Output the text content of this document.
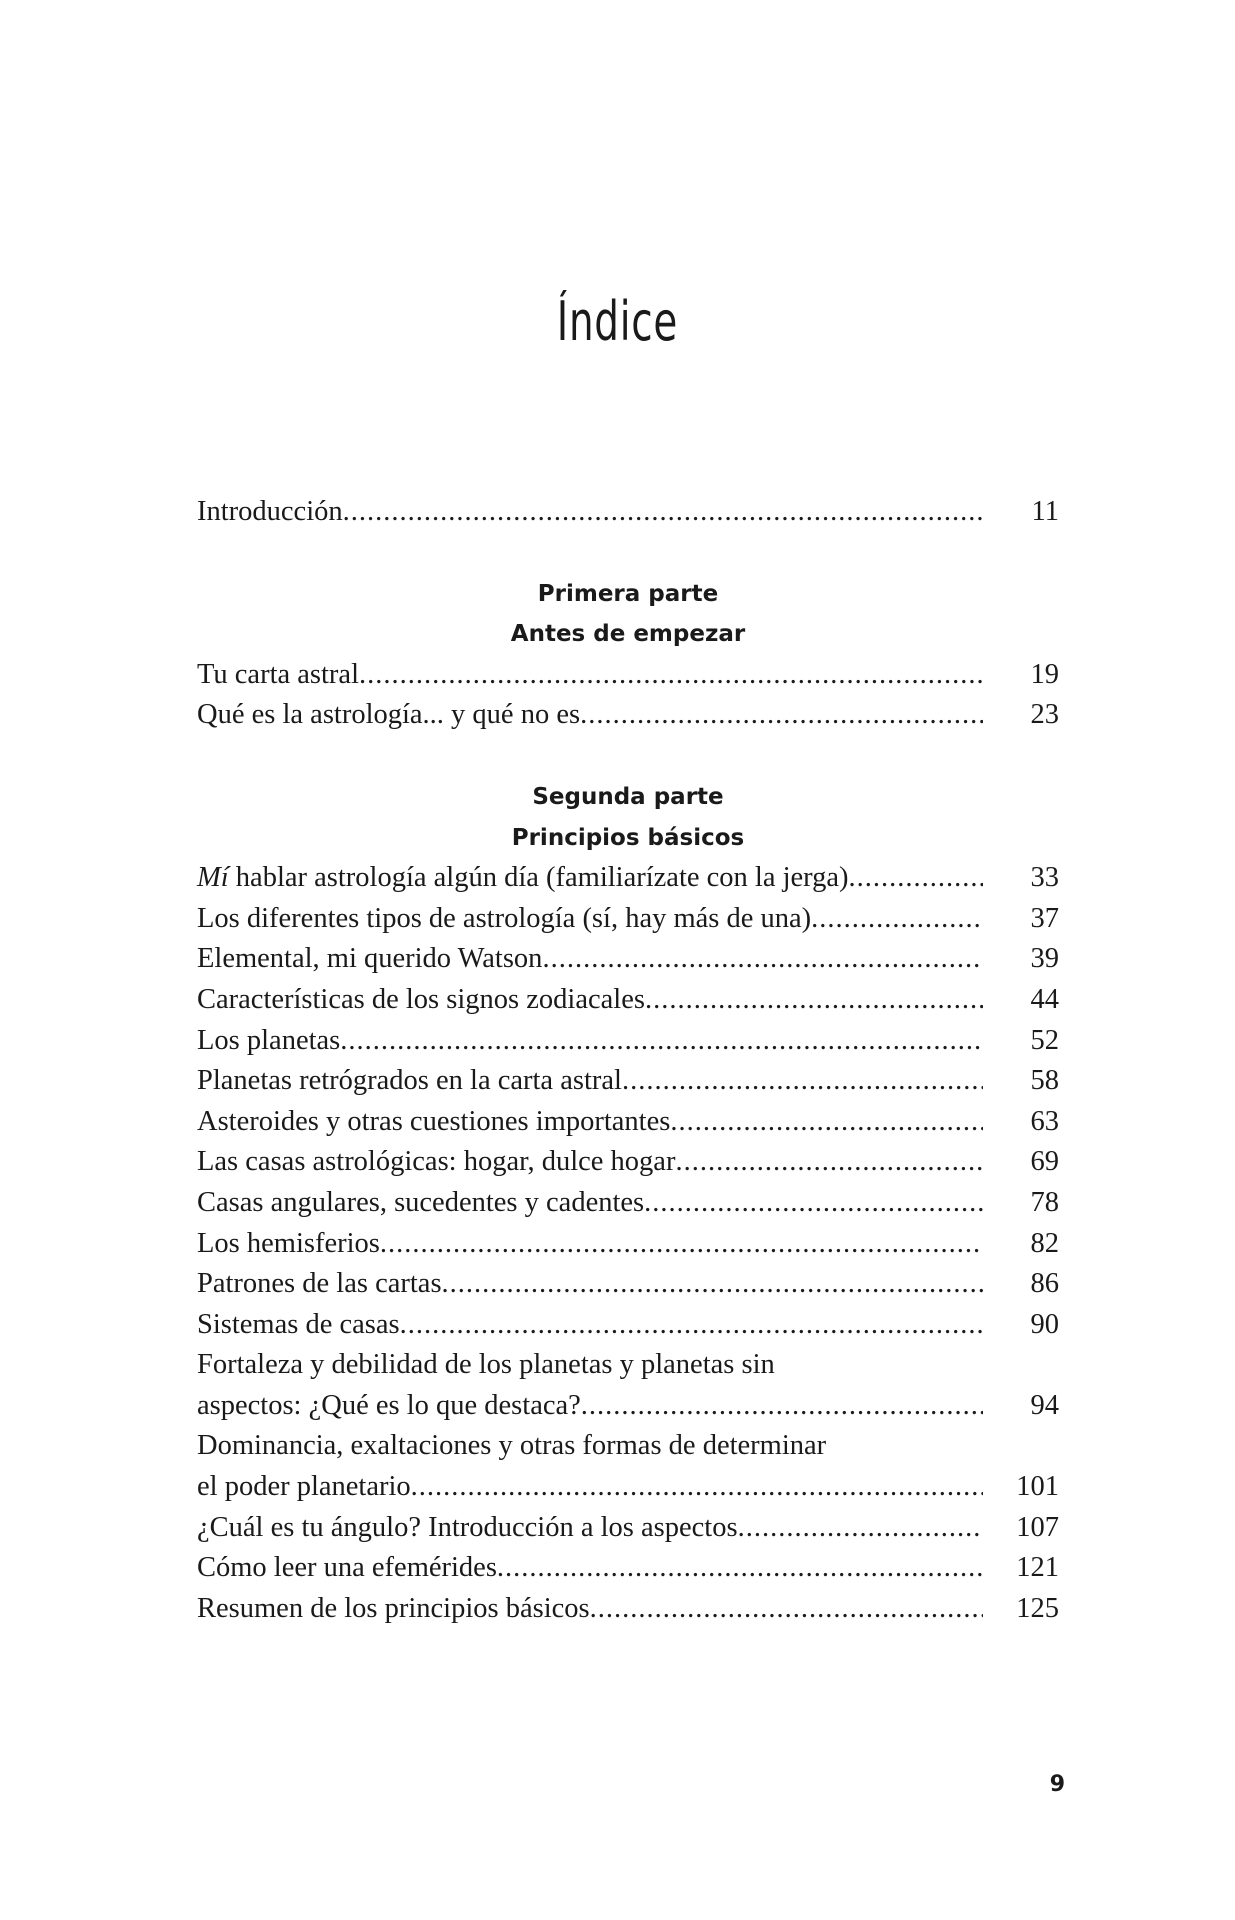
Índice
Introducción .....	11
Primera parte
Antes de empezar
Tu carta astral .....	19
Qué es la astrología... y qué no es .....	23
Segunda parte
Principios básicos
Mí hablar astrología algún día (familiarízate con la jerga) .....	33
Los diferentes tipos de astrología (sí, hay más de una) .....	37
Elemental, mi querido Watson .....	39
Características de los signos zodiacales .....	44
Los planetas .....	52
Planetas retrógrados en la carta astral .....	58
Asteroides y otras cuestiones importantes .....	63
Las casas astrológicas: hogar, dulce hogar .....	69
Casas angulares, sucedentes y cadentes .....	78
Los hemisferios .....	82
Patrones de las cartas .....	86
Sistemas de casas .....	90
Fortaleza y debilidad de los planetas y planetas sin
aspectos: ¿Qué es lo que destaca? .....	94
Dominancia, exaltaciones y otras formas de determinar
el poder planetario .....	101
¿Cuál es tu ángulo? Introducción a los aspectos .....	107
Cómo leer una efemérides .....	121
Resumen de los principios básicos .....	125
9
